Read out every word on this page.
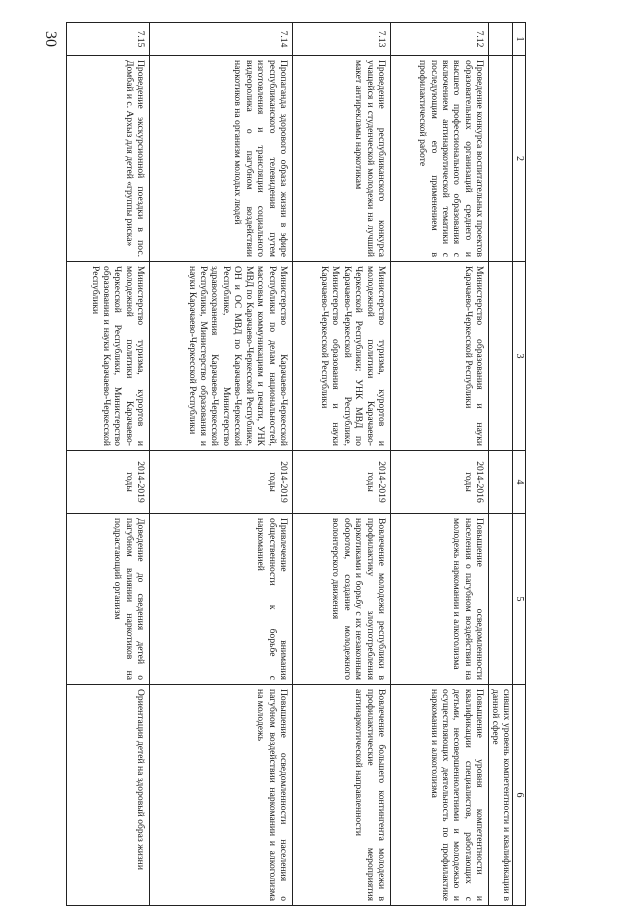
30	1	2	3	4	5	6
					сивших уровень компетентности и квалификации в данной сфере
7.12	Проведение конкурса воспитательных проектов образовательных организаций среднего и высшего профессионального образования с включением антинаркотической тематики с последующим его применением в профилактической работе	Министерство образования и науки Карачаево-Черкесской Республики	2014-2016 годы	Повышение осведомленности населения о пагубном воздействии на молодежь наркомании и алкоголизма	Повышение уровня компетентности и квалификации специалистов, работающих с детьми, несовершеннолетними и молодежью и осуществляющих деятельность по профилактике наркомании и алкоголизма
7.13	Проведение республиканского конкурса учащейся и студенческой молодежи на лучший макет антирекламы наркотикам	Министерство туризма, курортов и молодежной политики Карачаево-Черкесской Республики; УНК МВД по Карачаево-Черкесской Республике, Министерство образования и науки Карачаево-Черкесской Республики	2014-2019 годы	Вовлечение молодежи республики в профилактику злоупотребления наркотиками и борьбу с их незаконным оборотом, создание молодежного волонтерского движения	Вовлечение большего контингента молодежи в профилактические мероприятия антинаркотической направленности
7.14	Пропаганда здорового образа жизни в эфире республиканского телевидения путем изготовления и трансляции социального видеоролика о пагубном воздействии наркотиков на организм молодых людей	Министерство Карачаево-Черкесской Республики по делам национальностей, массовым коммуникациям и печати, УНК МВД по Карачаево-Черкесской Республике, ОН и ОС МВД по Карачаево-Черкесской Республике, Министерство здравоохранения Карачаево-Черкесской Республики, Министерство образования и науки Карачаево-Черкесской Республики	2014-2019 годы	Привлечение внимания общественности к борьбе с наркоманией	Повышение осведомленности населения о пагубном воздействии наркомании и алкоголизма на молодежь
7.15	Проведение экскурсионной поездки в пос. Домбай и с. Архыз для детей «группы риска»	Министерство туризма, курортов и молодежной политики Карачаево-Черкесской Республики, Министерство образования и науки Карачаево-Черкесской Республики	2014-2019 годы	Доведение до сведения детей о пагубном влиянии наркотиков на подрастающий организм	Ориентация детей на здоровый образ жизни
